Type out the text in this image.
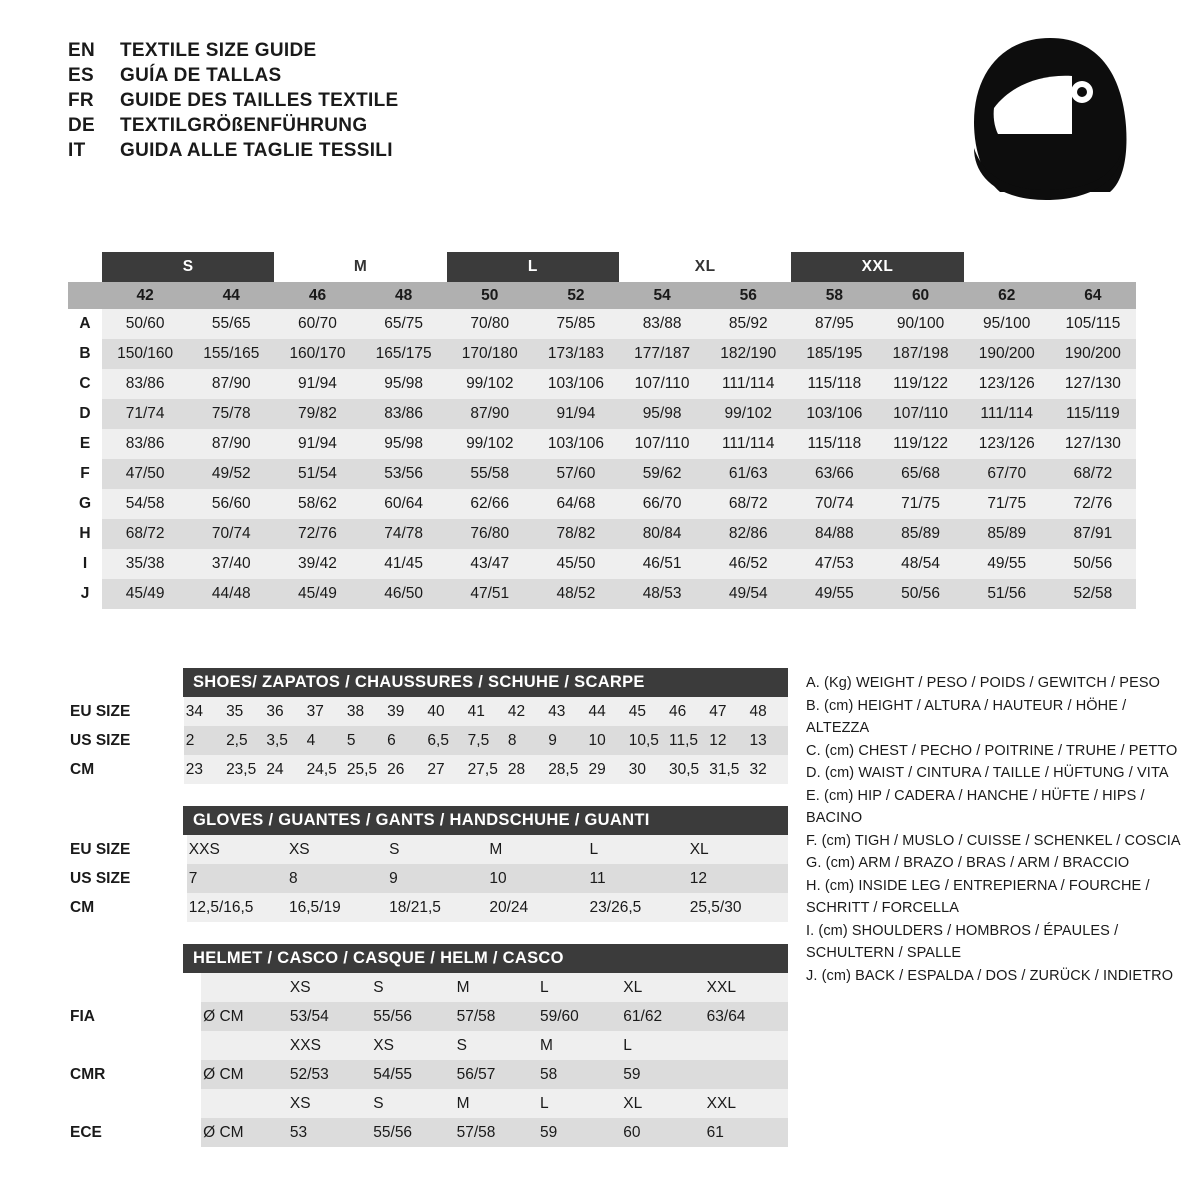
EN	TEXTILE SIZE GUIDE
ES	GUÍA DE TALLAS
FR	GUIDE DES TAILLES TEXTILE
DE	TEXTILGRÖßENFÜHRUNG
IT	GUIDA ALLE TAGLIE TESSILI
	S		M		L		XL		XXL			
	42	44	46	48	50	52	54	56	58	60	62	64
A	50/60	55/65	60/70	65/75	70/80	75/85	83/88	85/92	87/95	90/100	95/100	105/115
B	150/160	155/165	160/170	165/175	170/180	173/183	177/187	182/190	185/195	187/198	190/200	190/200
C	83/86	87/90	91/94	95/98	99/102	103/106	107/110	111/114	115/118	119/122	123/126	127/130
D	71/74	75/78	79/82	83/86	87/90	91/94	95/98	99/102	103/106	107/110	111/114	115/119
E	83/86	87/90	91/94	95/98	99/102	103/106	107/110	111/114	115/118	119/122	123/126	127/130
F	47/50	49/52	51/54	53/56	55/58	57/60	59/62	61/63	63/66	65/68	67/70	68/72
G	54/58	56/60	58/62	60/64	62/66	64/68	66/70	68/72	70/74	71/75	71/75	72/76
H	68/72	70/74	72/76	74/78	76/80	78/82	80/84	82/86	84/88	85/89	85/89	87/91
I	35/38	37/40	39/42	41/45	43/47	45/50	46/51	46/52	47/53	48/54	49/55	50/56
J	45/49	44/48	45/49	46/50	47/51	48/52	48/53	49/54	49/55	50/56	51/56	52/58
SHOES/ ZAPATOS / CHAUSSURES / SCHUHE / SCARPE
EU SIZE	34	35	36	37	38	39	40	41	42	43	44	45	46	47	48
US SIZE	2	2,5	3,5	4	5	6	6,5	7,5	8	9	10	10,5	11,5	12	13
CM	23	23,5	24	24,5	25,5	26	27	27,5	28	28,5	29	30	30,5	31,5	32
GLOVES / GUANTES / GANTS / HANDSCHUHE / GUANTI
EU SIZE	XXS	XS	S	M	L	XL
US SIZE	7	8	9	10	11	12
CM	12,5/16,5	16,5/19	18/21,5	20/24	23/26,5	25,5/30
HELMET / CASCO / CASQUE / HELM / CASCO
		XS	S	M	L	XL	XXL
FIA	Ø CM	53/54	55/56	57/58	59/60	61/62	63/64
		XXS	XS	S	M	L	
CMR	Ø CM	52/53	54/55	56/57	58	59	
		XS	S	M	L	XL	XXL
ECE	Ø CM	53	55/56	57/58	59	60	61
A. (Kg) WEIGHT / PESO / POIDS / GEWITCH / PESO
B. (cm) HEIGHT / ALTURA / HAUTEUR / HÖHE / ALTEZZA
C. (cm) CHEST / PECHO / POITRINE / TRUHE / PETTO
D. (cm) WAIST / CINTURA / TAILLE / HÜFTUNG / VITA
E. (cm) HIP / CADERA / HANCHE / HÜFTE / HIPS / BACINO
F. (cm) TIGH / MUSLO / CUISSE / SCHENKEL / COSCIA
G. (cm) ARM / BRAZO / BRAS / ARM / BRACCIO
H. (cm) INSIDE LEG / ENTREPIERNA / FOURCHE /
SCHRITT / FORCELLA
I. (cm) SHOULDERS / HOMBROS / ÉPAULES /
SCHULTERN / SPALLE
J. (cm) BACK / ESPALDA / DOS / ZURÜCK / INDIETRO
